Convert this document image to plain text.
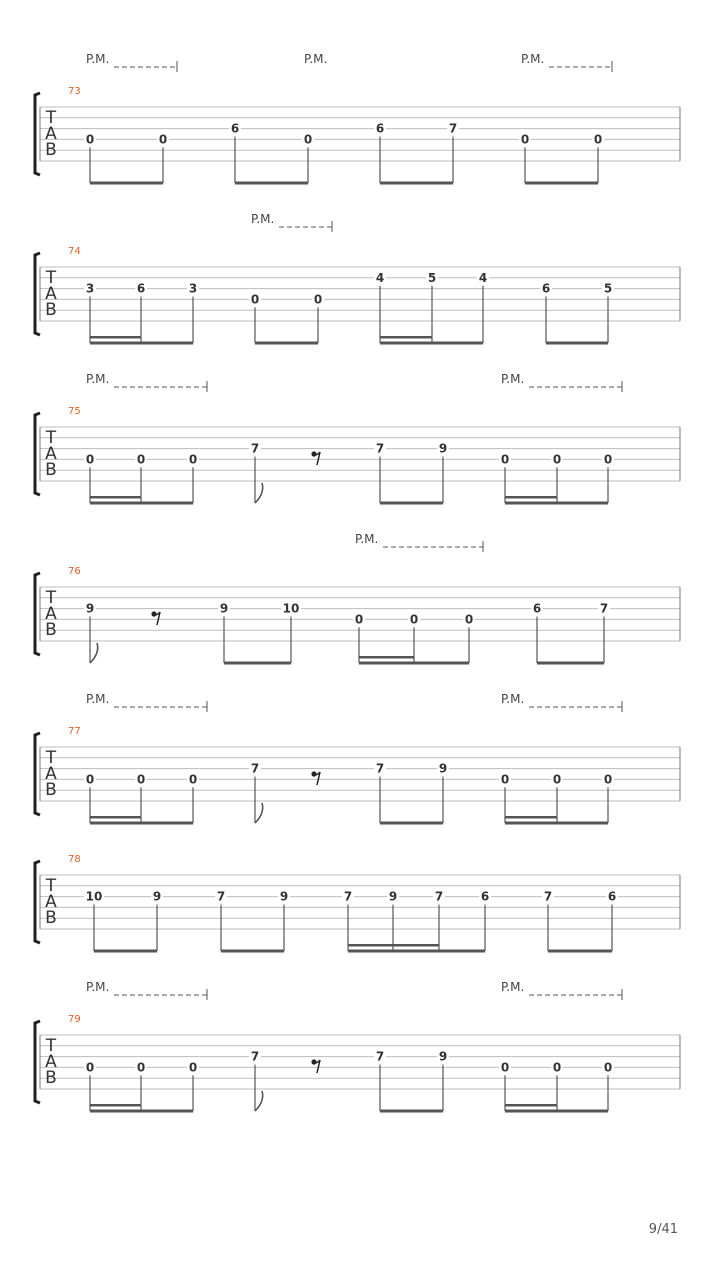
T
A
B
73
0	0
6
0
6	7
0	0
P.M.	P.M.	P.M.
T
A
B
74
3	6	3
0	0
4	5	4
6	5
P.M.
T
A
B
75
0	0	0
7	7	9
0	0	0
P.M.	P.M.
T
A
B
76
9	9	10
0	0	0
6	7
P.M.
T
A
B
77
0	0	0
7	7	9
0	0	0
P.M.	P.M.
T
A
B
78
10	9	7	9	7	9	7	6	7	6
T
A
B
79
0	0	0
7	7	9
0	0	0
P.M.	P.M.
9/41
